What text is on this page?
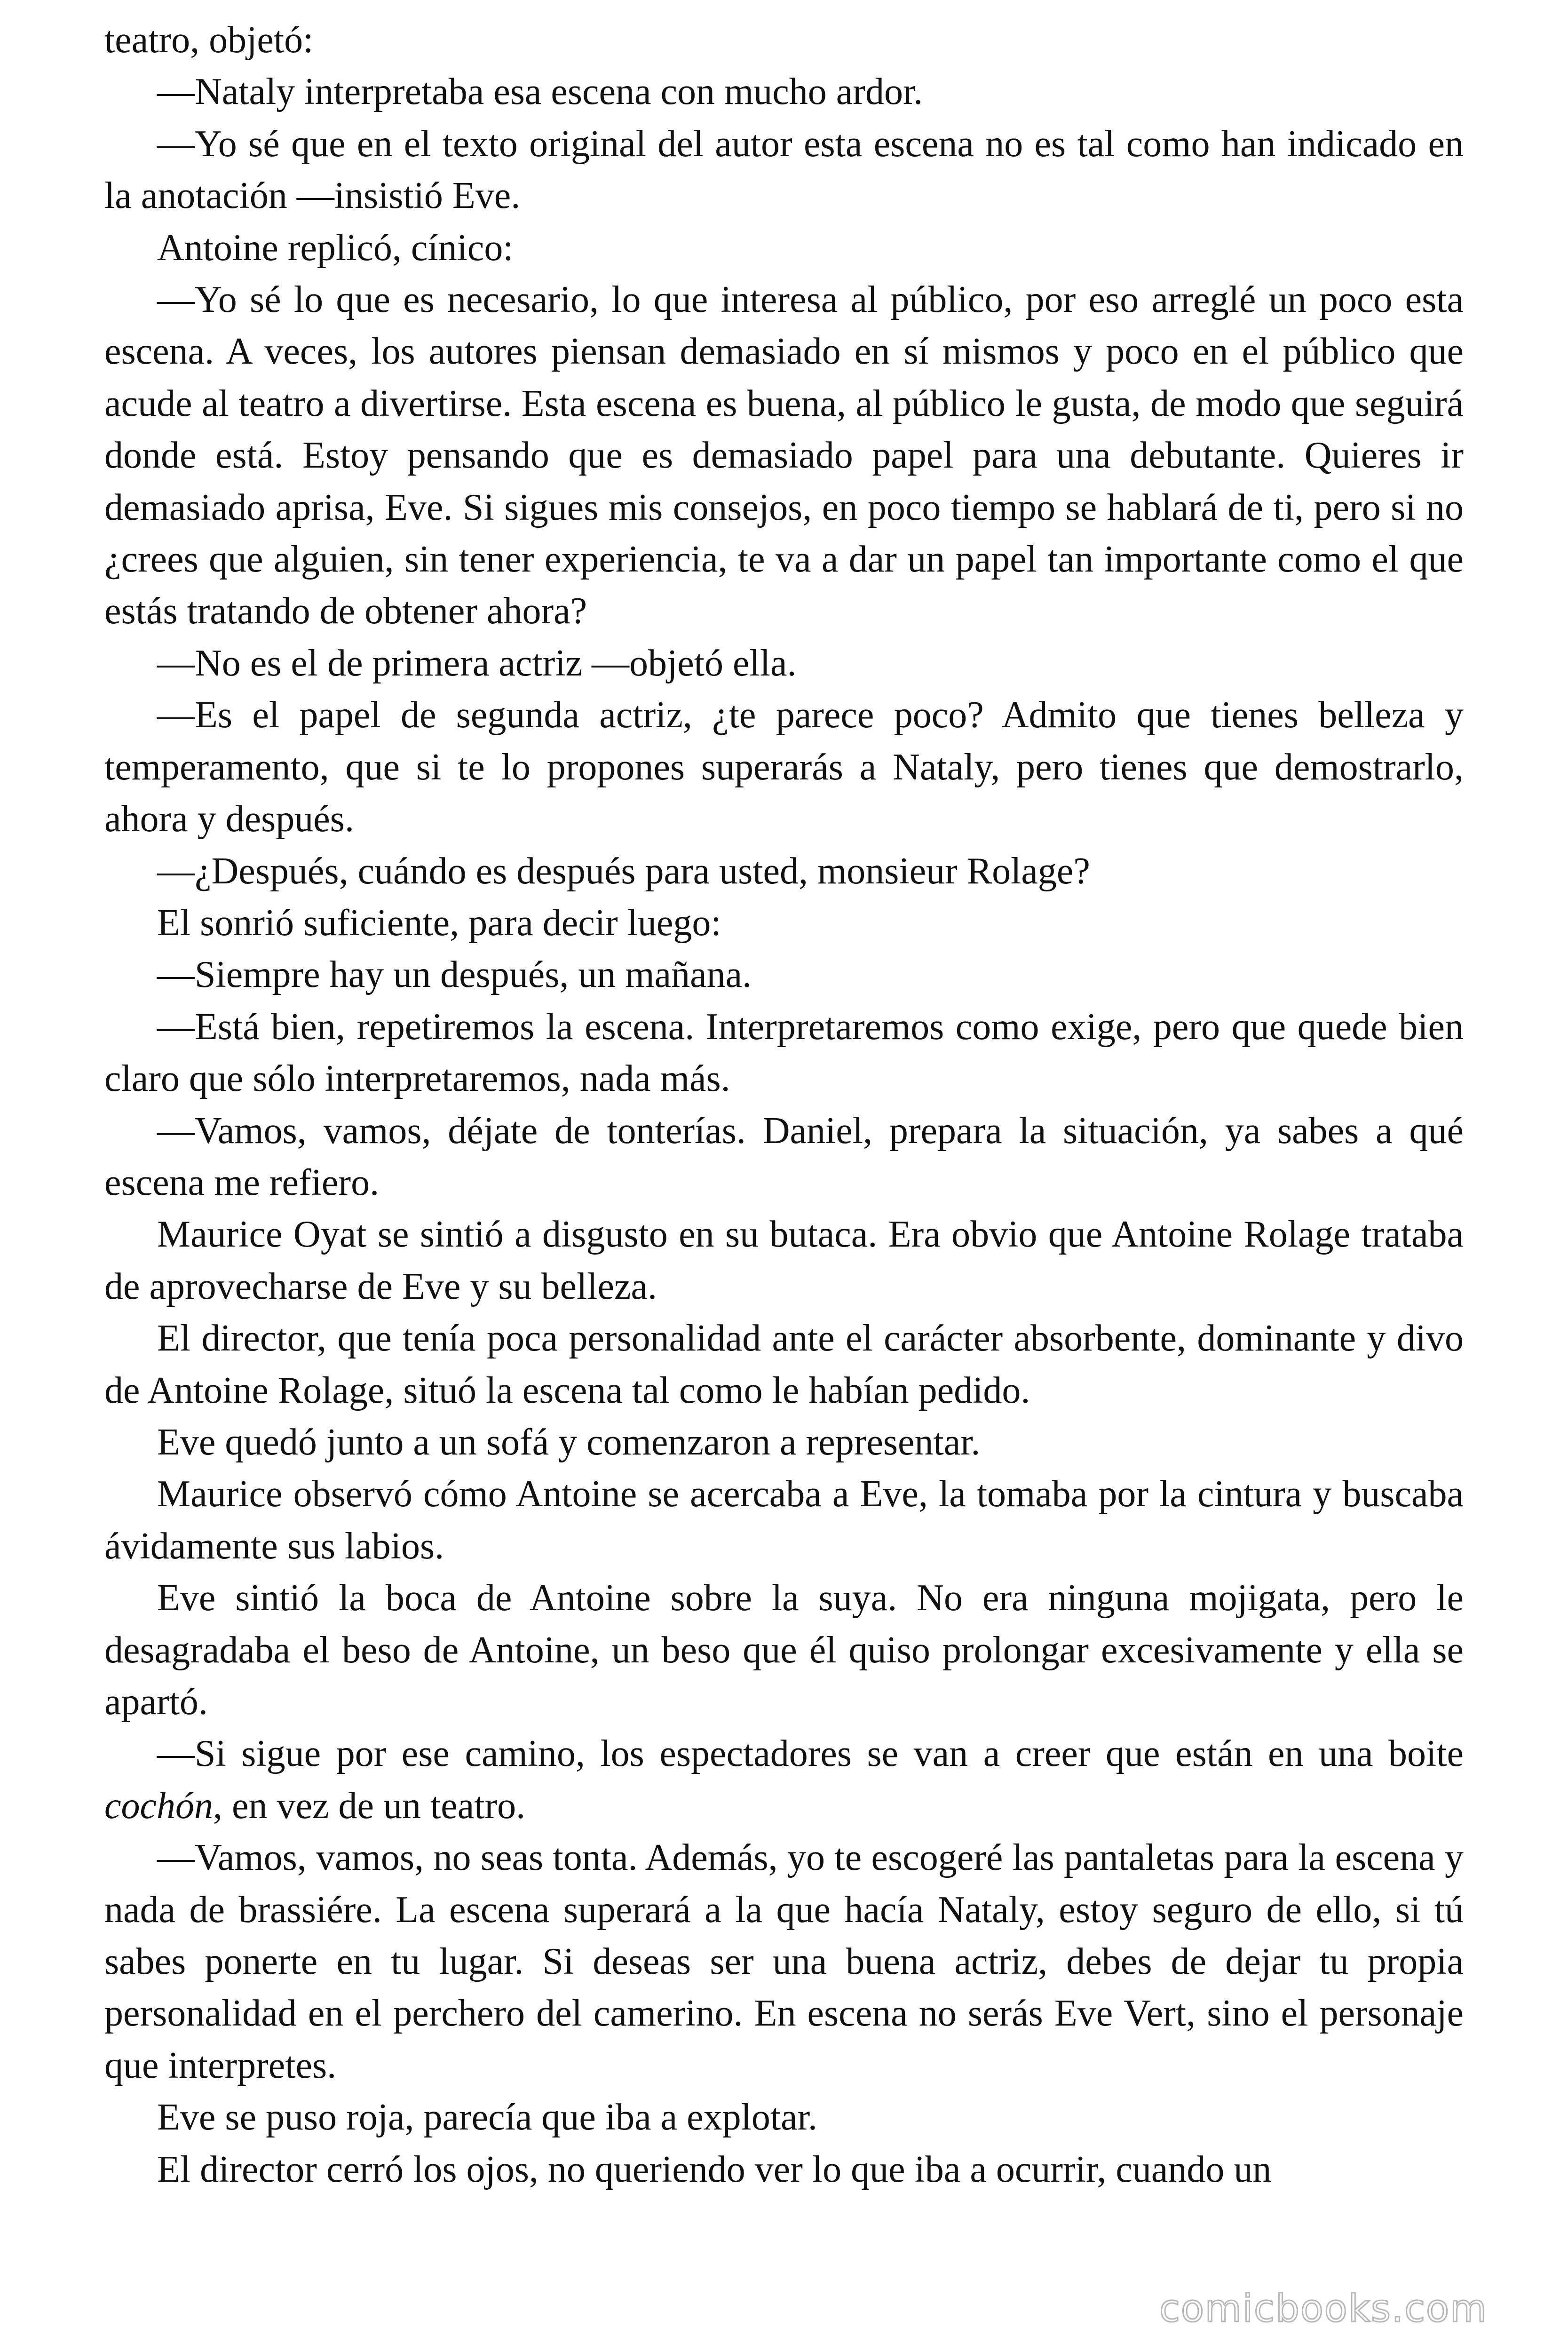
teatro, objetó:

—Nataly interpretaba esa escena con mucho ardor.

—Yo sé que en el texto original del autor esta escena no es tal como han indicado en la anotación —insistió Eve.

Antoine replicó, cínico:

—Yo sé lo que es necesario, lo que interesa al público, por eso arreglé un poco esta escena. A veces, los autores piensan demasiado en sí mismos y poco en el público que acude al teatro a divertirse. Esta escena es buena, al público le gusta, de modo que seguirá donde está. Estoy pensando que es demasiado papel para una debutante. Quieres ir demasiado aprisa, Eve. Si sigues mis consejos, en poco tiempo se hablará de ti, pero si no ¿crees que alguien, sin tener experiencia, te va a dar un papel tan importante como el que estás tratando de obtener ahora?

—No es el de primera actriz —objetó ella.

—Es el papel de segunda actriz, ¿te parece poco? Admito que tienes belleza y temperamento, que si te lo propones superarás a Nataly, pero tienes que demostrarlo, ahora y después.

—¿Después, cuándo es después para usted, monsieur Rolage?

El sonrió suficiente, para decir luego:

—Siempre hay un después, un mañana.

—Está bien, repetiremos la escena. Interpretaremos como exige, pero que quede bien claro que sólo interpretaremos, nada más.

—Vamos, vamos, déjate de tonterías. Daniel, prepara la situación, ya sabes a qué escena me refiero.

Maurice Oyat se sintió a disgusto en su butaca. Era obvio que Antoine Rolage trataba de aprovecharse de Eve y su belleza.

El director, que tenía poca personalidad ante el carácter absorbente, dominante y divo de Antoine Rolage, situó la escena tal como le habían pedido.

Eve quedó junto a un sofá y comenzaron a representar.

Maurice observó cómo Antoine se acercaba a Eve, la tomaba por la cintura y buscaba ávidamente sus labios.

Eve sintió la boca de Antoine sobre la suya. No era ninguna mojigata, pero le desagradaba el beso de Antoine, un beso que él quiso prolongar excesivamente y ella se apartó.

—Si sigue por ese camino, los espectadores se van a creer que están en una boite cochón, en vez de un teatro.

—Vamos, vamos, no seas tonta. Además, yo te escogeré las pantaletas para la escena y nada de brassiére. La escena superará a la que hacía Nataly, estoy seguro de ello, si tú sabes ponerte en tu lugar. Si deseas ser una buena actriz, debes de dejar tu propia personalidad en el perchero del camerino. En escena no serás Eve Vert, sino el personaje que interpretes.

Eve se puso roja, parecía que iba a explotar.

El director cerró los ojos, no queriendo ver lo que iba a ocurrir, cuando un

comicbooks.com
